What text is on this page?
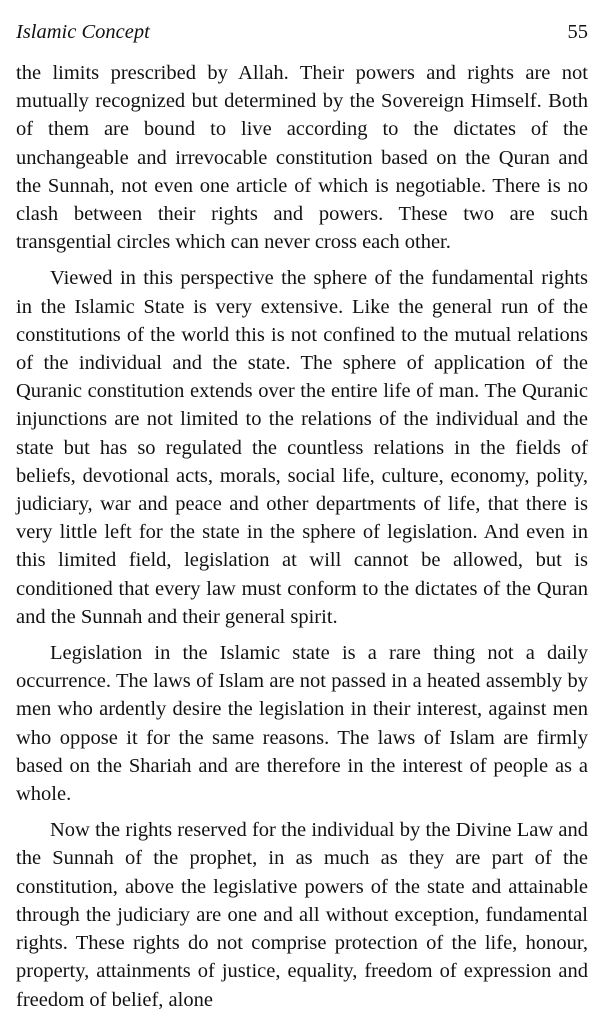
Islamic Concept	55

the limits prescribed by Allah. Their powers and rights are not mutually recognized but determined by the Sovereign Himself. Both of them are bound to live according to the dictates of the unchangeable and irrevocable constitution based on the Quran and the Sunnah, not even one article of which is negotiable. There is no clash between their rights and powers. These two are such transgential circles which can never cross each other.

Viewed in this perspective the sphere of the fundamental rights in the Islamic State is very extensive. Like the general run of the constitutions of the world this is not confined to the mutual relations of the individual and the state. The sphere of application of the Quranic constitution extends over the entire life of man. The Quranic injunctions are not limited to the relations of the individual and the state but has so regulated the countless relations in the fields of beliefs, devotional acts, morals, social life, culture, economy, polity, judiciary, war and peace and other departments of life, that there is very little left for the state in the sphere of legislation. And even in this limited field, legislation at will cannot be allowed, but is conditioned that every law must conform to the dictates of the Quran and the Sunnah and their general spirit.

Legislation in the Islamic state is a rare thing not a daily occurrence. The laws of Islam are not passed in a heated assembly by men who ardently desire the legislation in their interest, against men who oppose it for the same reasons. The laws of Islam are firmly based on the Shariah and are therefore in the interest of people as a whole.

Now the rights reserved for the individual by the Divine Law and the Sunnah of the prophet, in as much as they are part of the constitution, above the legislative powers of the state and attainable through the judiciary are one and all without exception, fundamental rights. These rights do not comprise protection of the life, honour, property, attainments of justice, equality, freedom of expression and freedom of belief, alone
